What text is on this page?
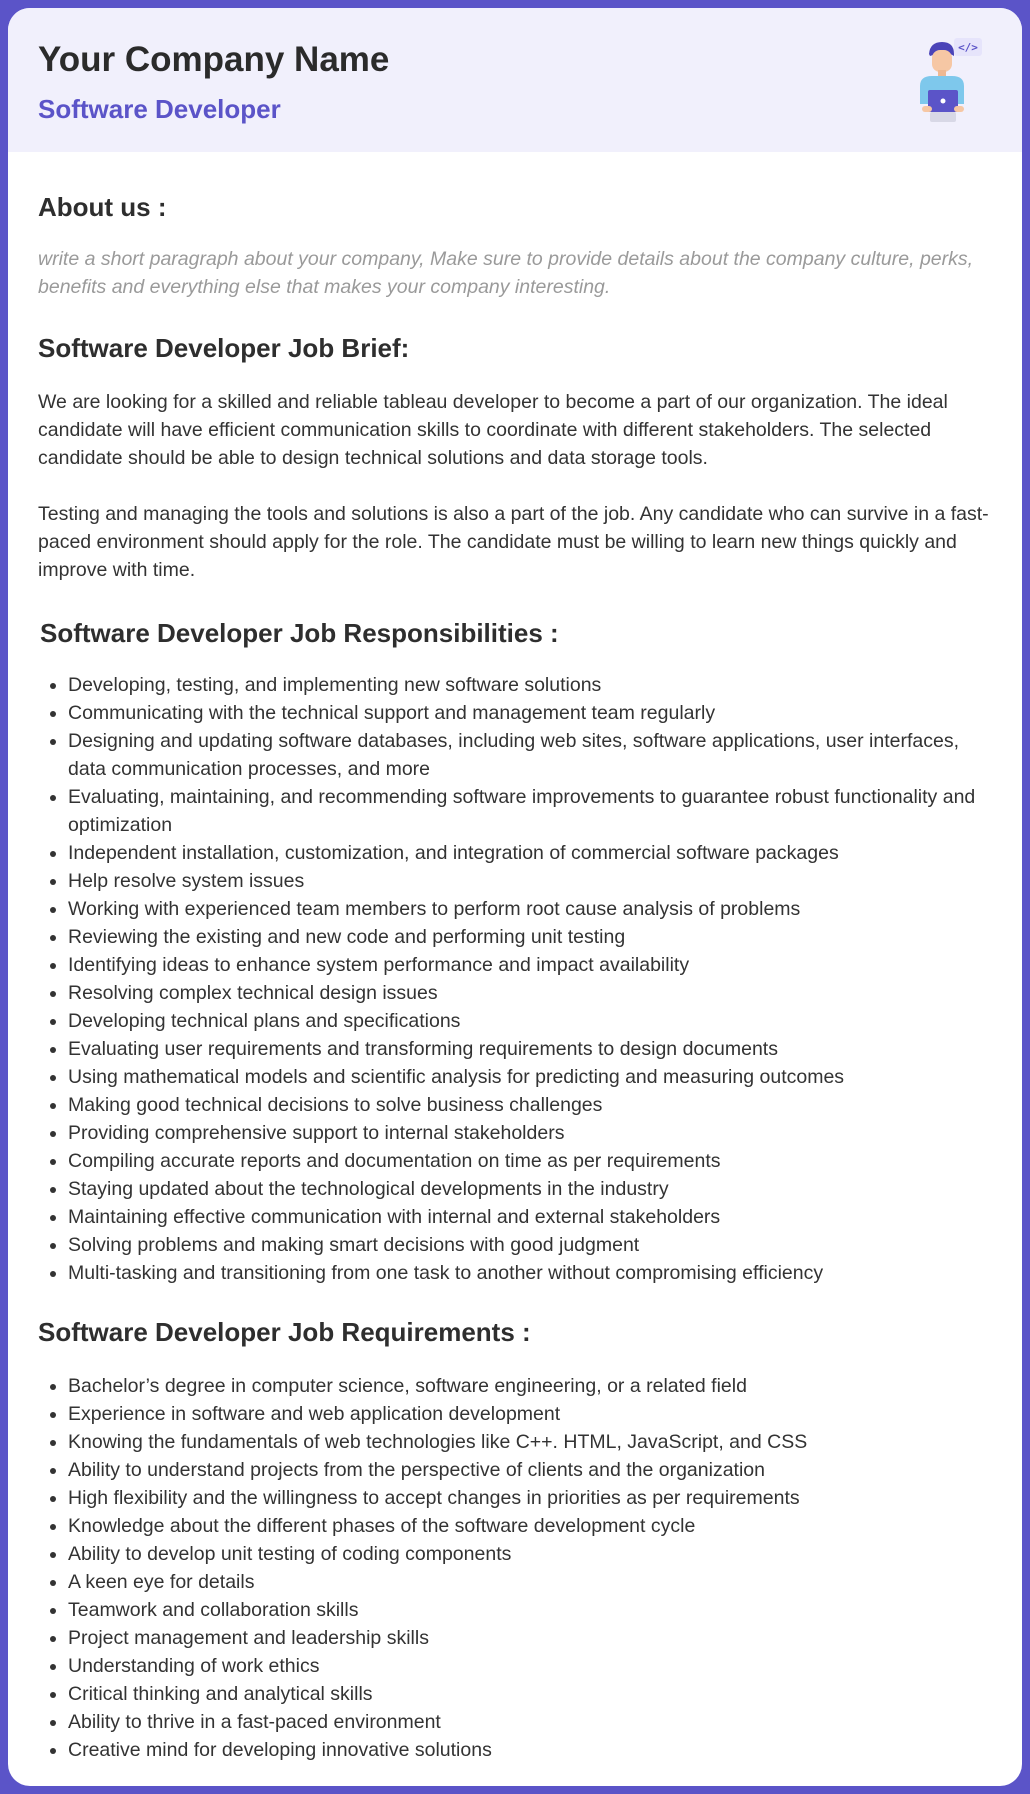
Your Company Name
Software Developer
</>
About us :

write a short paragraph about your company, Make sure to provide details about the company culture, perks, benefits and everything else that makes your company interesting.

Software Developer Job Brief:

We are looking for a skilled and reliable tableau developer to become a part of our organization. The ideal candidate will have efficient communication skills to coordinate with different stakeholders. The selected candidate should be able to design technical solutions and data storage tools.

Testing and managing the tools and solutions is also a part of the job. Any candidate who can survive in a fast-paced environment should apply for the role. The candidate must be willing to learn new things quickly and improve with time.

Software Developer Job Responsibilities :
• Developing, testing, and implementing new software solutions
• Communicating with the technical support and management team regularly
• Designing and updating software databases, including web sites, software applications, user interfaces, data communication processes, and more
• Evaluating, maintaining, and recommending software improvements to guarantee robust functionality and optimization
• Independent installation, customization, and integration of commercial software packages
• Help resolve system issues
• Working with experienced team members to perform root cause analysis of problems
• Reviewing the existing and new code and performing unit testing
• Identifying ideas to enhance system performance and impact availability
• Resolving complex technical design issues
• Developing technical plans and specifications
• Evaluating user requirements and transforming requirements to design documents
• Using mathematical models and scientific analysis for predicting and measuring outcomes
• Making good technical decisions to solve business challenges
• Providing comprehensive support to internal stakeholders
• Compiling accurate reports and documentation on time as per requirements
• Staying updated about the technological developments in the industry
• Maintaining effective communication with internal and external stakeholders
• Solving problems and making smart decisions with good judgment
• Multi-tasking and transitioning from one task to another without compromising efficiency
Software Developer Job Requirements :
• Bachelor’s degree in computer science, software engineering, or a related field
• Experience in software and web application development
• Knowing the fundamentals of web technologies like C++. HTML, JavaScript, and CSS
• Ability to understand projects from the perspective of clients and the organization
• High flexibility and the willingness to accept changes in priorities as per requirements
• Knowledge about the different phases of the software development cycle
• Ability to develop unit testing of coding components
• A keen eye for details
• Teamwork and collaboration skills
• Project management and leadership skills
• Understanding of work ethics
• Critical thinking and analytical skills
• Ability to thrive in a fast-paced environment
• Creative mind for developing innovative solutions
